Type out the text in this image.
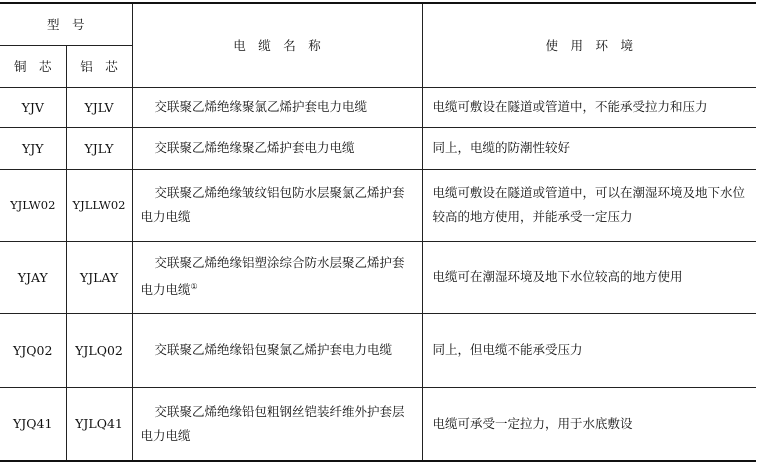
型　号		电　缆　名　称	使　用　环　境
铜　芯	铝　芯		
YJV	YJLV	交联聚乙烯绝缘聚氯乙烯护套电力电缆	电缆可敷设在隧道或管道中，不能承受拉力和压力
YJY	YJLY	交联聚乙烯绝缘聚乙烯护套电力电缆	同上，电缆的防潮性较好
YJLW02	YJLLW02	交联聚乙烯绝缘皱纹铝包防水层聚氯乙烯护套电力电缆	电缆可敷设在隧道或管道中，可以在潮湿环境及地下水位较高的地方使用，并能承受一定压力
YJAY	YJLAY	交联聚乙烯绝缘铝塑涂综合防水层聚乙烯护套电力电缆①	电缆可在潮湿环境及地下水位较高的地方使用
YJQ02	YJLQ02	交联聚乙烯绝缘铅包聚氯乙烯护套电力电缆	同上，但电缆不能承受压力
YJQ41	YJLQ41	交联聚乙烯绝缘铅包粗钢丝铠装纤维外护套层电力电缆	电缆可承受一定拉力，用于水底敷设
